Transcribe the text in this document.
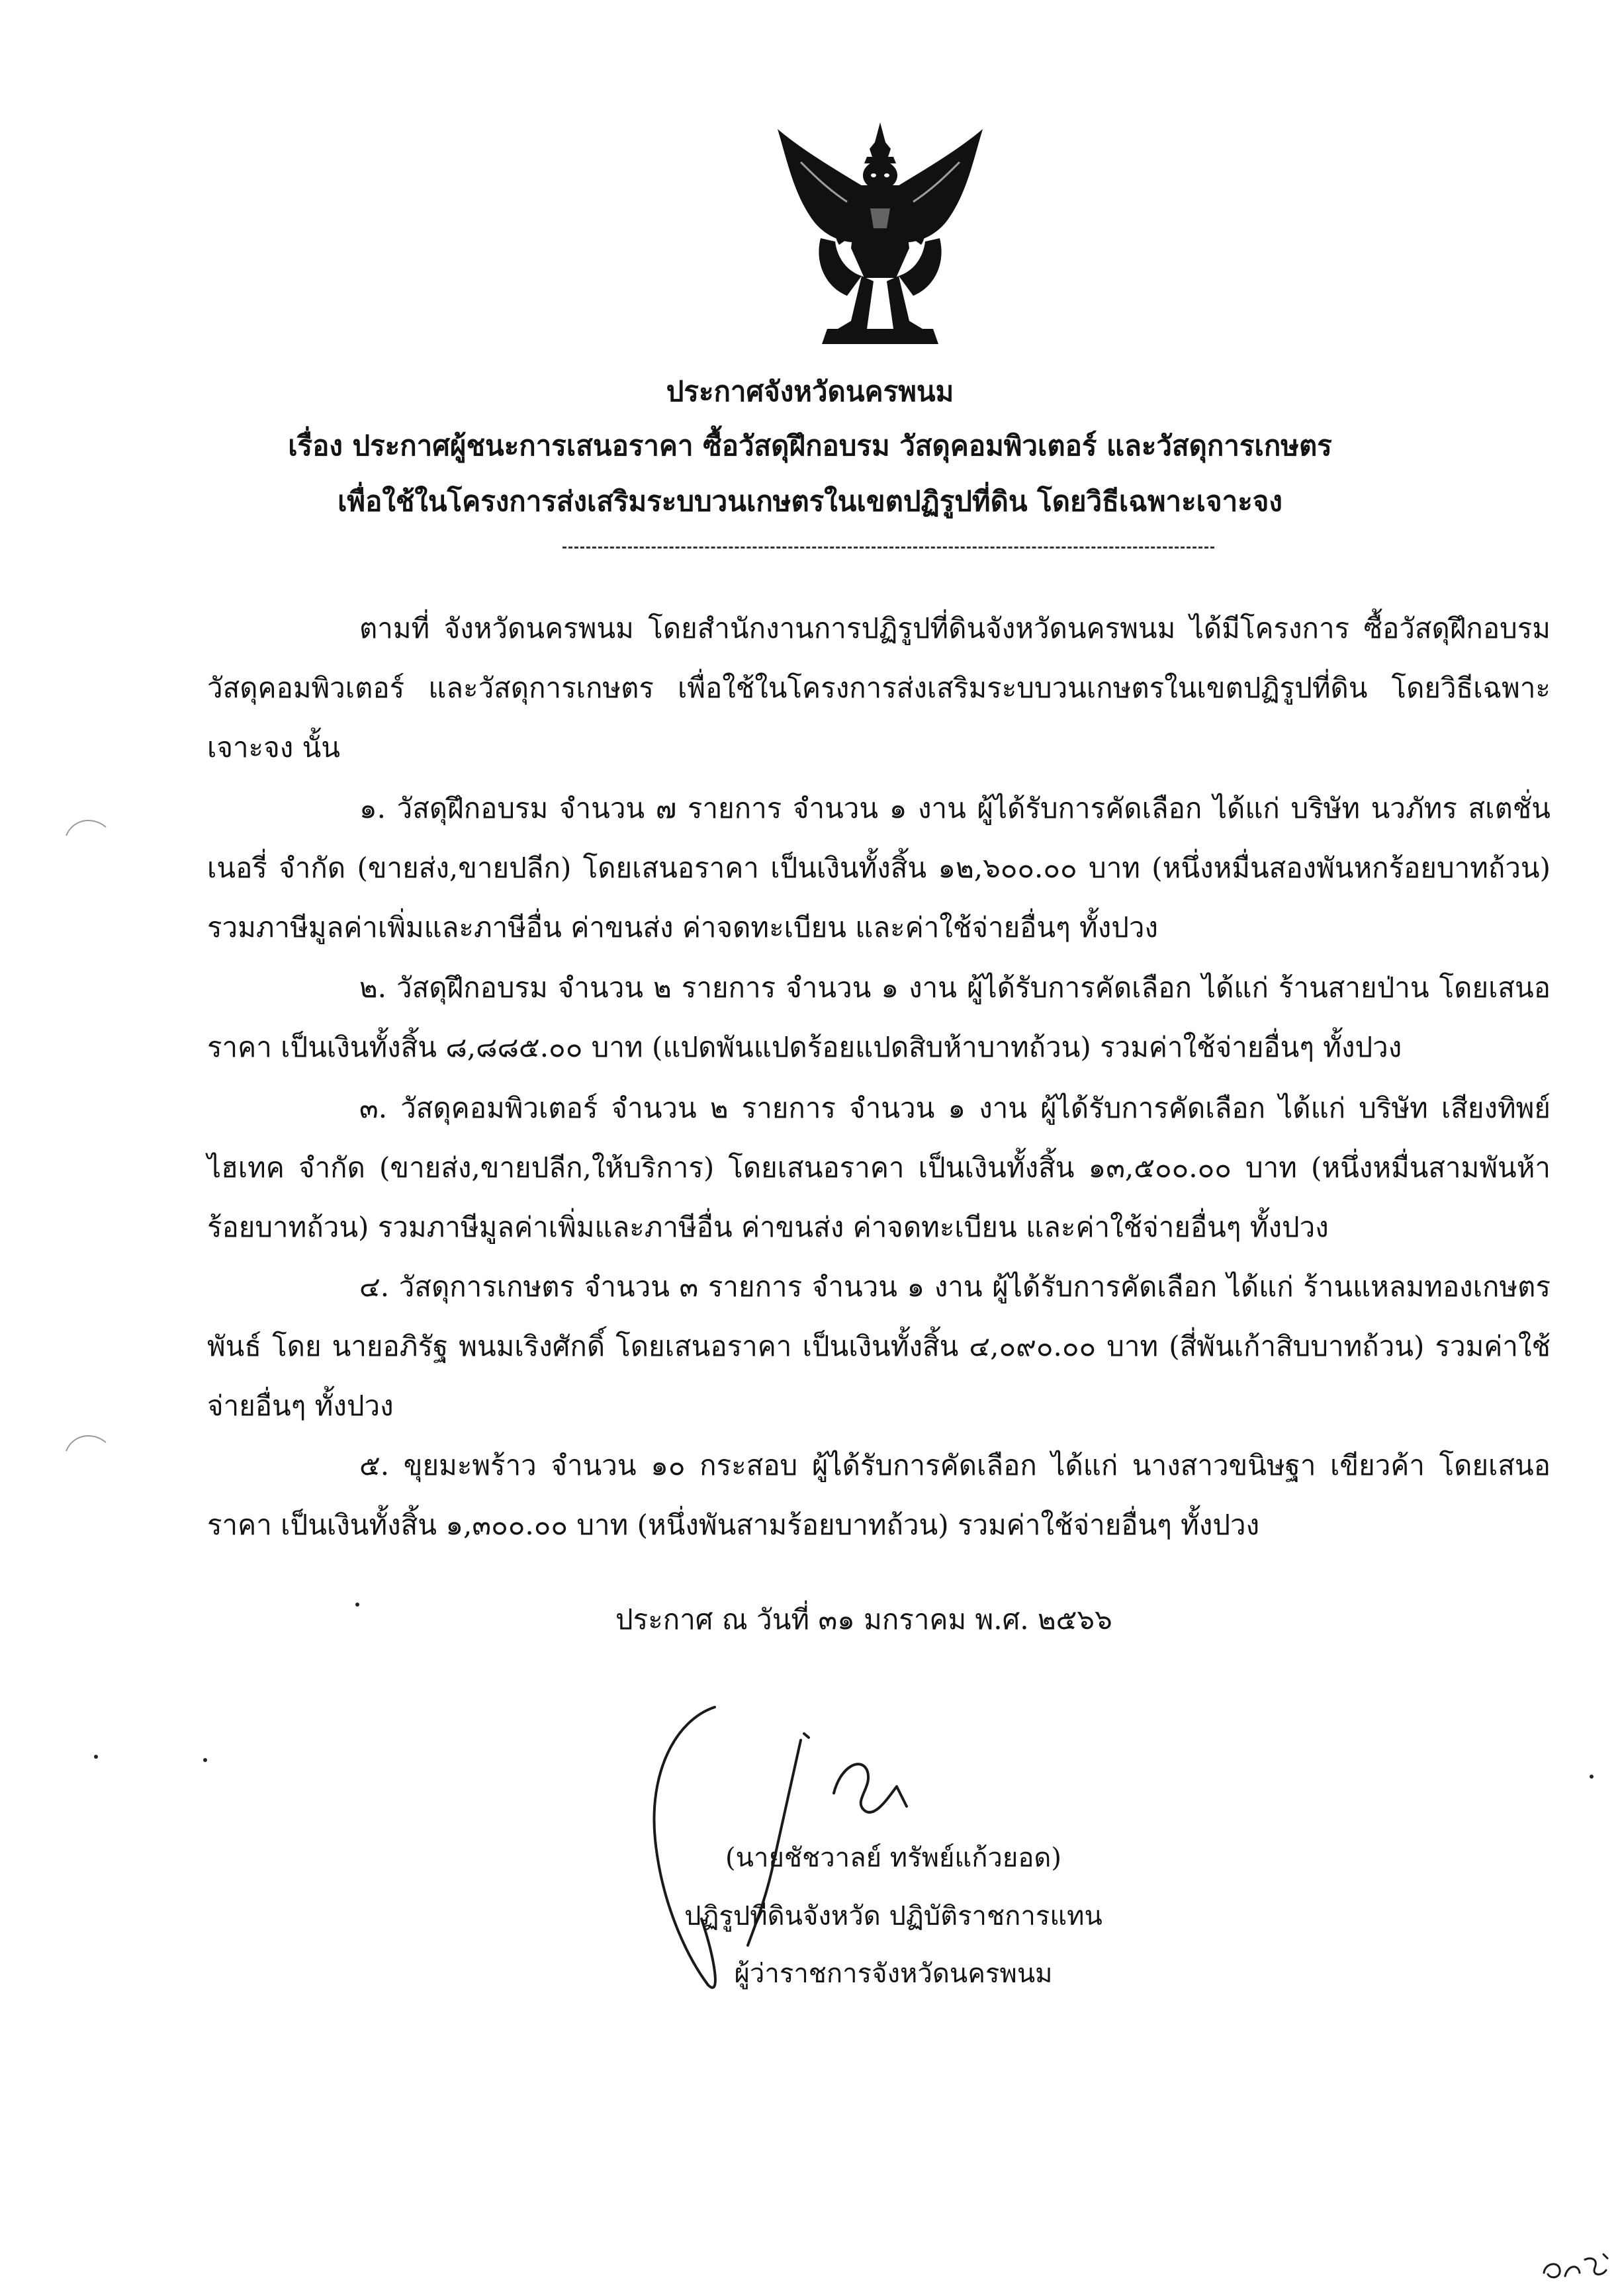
ประกาศจังหวัดนครพนม
เรื่อง ประกาศผู้ชนะการเสนอราคา ซื้อวัสดุฝึกอบรม วัสดุคอมพิวเตอร์ และวัสดุการเกษตร
เพื่อใช้ในโครงการส่งเสริมระบบวนเกษตรในเขตปฏิรูปที่ดิน โดยวิธีเฉพาะเจาะจง
ตามที่ จังหวัดนครพนม โดยสำนักงานการปฏิรูปที่ดินจังหวัดนครพนม ได้มีโครงการ ซื้อวัสดุฝึกอบรม วัสดุคอมพิวเตอร์ และวัสดุการเกษตร เพื่อใช้ในโครงการส่งเสริมระบบวนเกษตรในเขตปฏิรูปที่ดิน โดยวิธีเฉพาะเจาะจง นั้น
๑. วัสดุฝึกอบรม จำนวน ๗ รายการ จำนวน ๑ งาน ผู้ได้รับการคัดเลือก ได้แก่ บริษัท นวภัทร สเตชั่นเนอรี่ จำกัด (ขายส่ง,ขายปลีก) โดยเสนอราคา เป็นเงินทั้งสิ้น ๑๒,๖๐๐.๐๐ บาท (หนึ่งหมื่นสองพันหกร้อยบาทถ้วน) รวมภาษีมูลค่าเพิ่มและภาษีอื่น ค่าขนส่ง ค่าจดทะเบียน และค่าใช้จ่ายอื่นๆ ทั้งปวง
๒. วัสดุฝึกอบรม จำนวน ๒ รายการ จำนวน ๑ งาน ผู้ได้รับการคัดเลือก ได้แก่ ร้านสายป่าน โดยเสนอราคา เป็นเงินทั้งสิ้น ๘,๘๘๕.๐๐ บาท (แปดพันแปดร้อยแปดสิบห้าบาทถ้วน) รวมค่าใช้จ่ายอื่นๆ ทั้งปวง
๓. วัสดุคอมพิวเตอร์ จำนวน ๒ รายการ จำนวน ๑ งาน ผู้ได้รับการคัดเลือก ได้แก่ บริษัท เสียงทิพย์ ไฮเทค จำกัด (ขายส่ง,ขายปลีก,ให้บริการ) โดยเสนอราคา เป็นเงินทั้งสิ้น ๑๓,๕๐๐.๐๐ บาท (หนึ่งหมื่นสามพันห้าร้อยบาทถ้วน) รวมภาษีมูลค่าเพิ่มและภาษีอื่น ค่าขนส่ง ค่าจดทะเบียน และค่าใช้จ่ายอื่นๆ ทั้งปวง
๔. วัสดุการเกษตร จำนวน ๓ รายการ จำนวน ๑ งาน ผู้ได้รับการคัดเลือก ได้แก่ ร้านแหลมทองเกษตรพันธ์ โดย นายอภิรัฐ พนมเริงศักดิ์ โดยเสนอราคา เป็นเงินทั้งสิ้น ๔,๐๙๐.๐๐ บาท (สี่พันเก้าสิบบาทถ้วน) รวมค่าใช้จ่ายอื่นๆ ทั้งปวง
๕. ขุยมะพร้าว จำนวน ๑๐ กระสอบ ผู้ได้รับการคัดเลือก ได้แก่ นางสาวขนิษฐา เขียวค้า โดยเสนอราคา เป็นเงินทั้งสิ้น ๑,๓๐๐.๐๐ บาท (หนึ่งพันสามร้อยบาทถ้วน) รวมค่าใช้จ่ายอื่นๆ ทั้งปวง
ประกาศ ณ วันที่ ๓๑ มกราคม พ.ศ. ๒๕๖๖
(นายชัชวาลย์ ทรัพย์แก้วยอด)
ปฏิรูปที่ดินจังหวัด ปฏิบัติราชการแทน
ผู้ว่าราชการจังหวัดนครพนม
